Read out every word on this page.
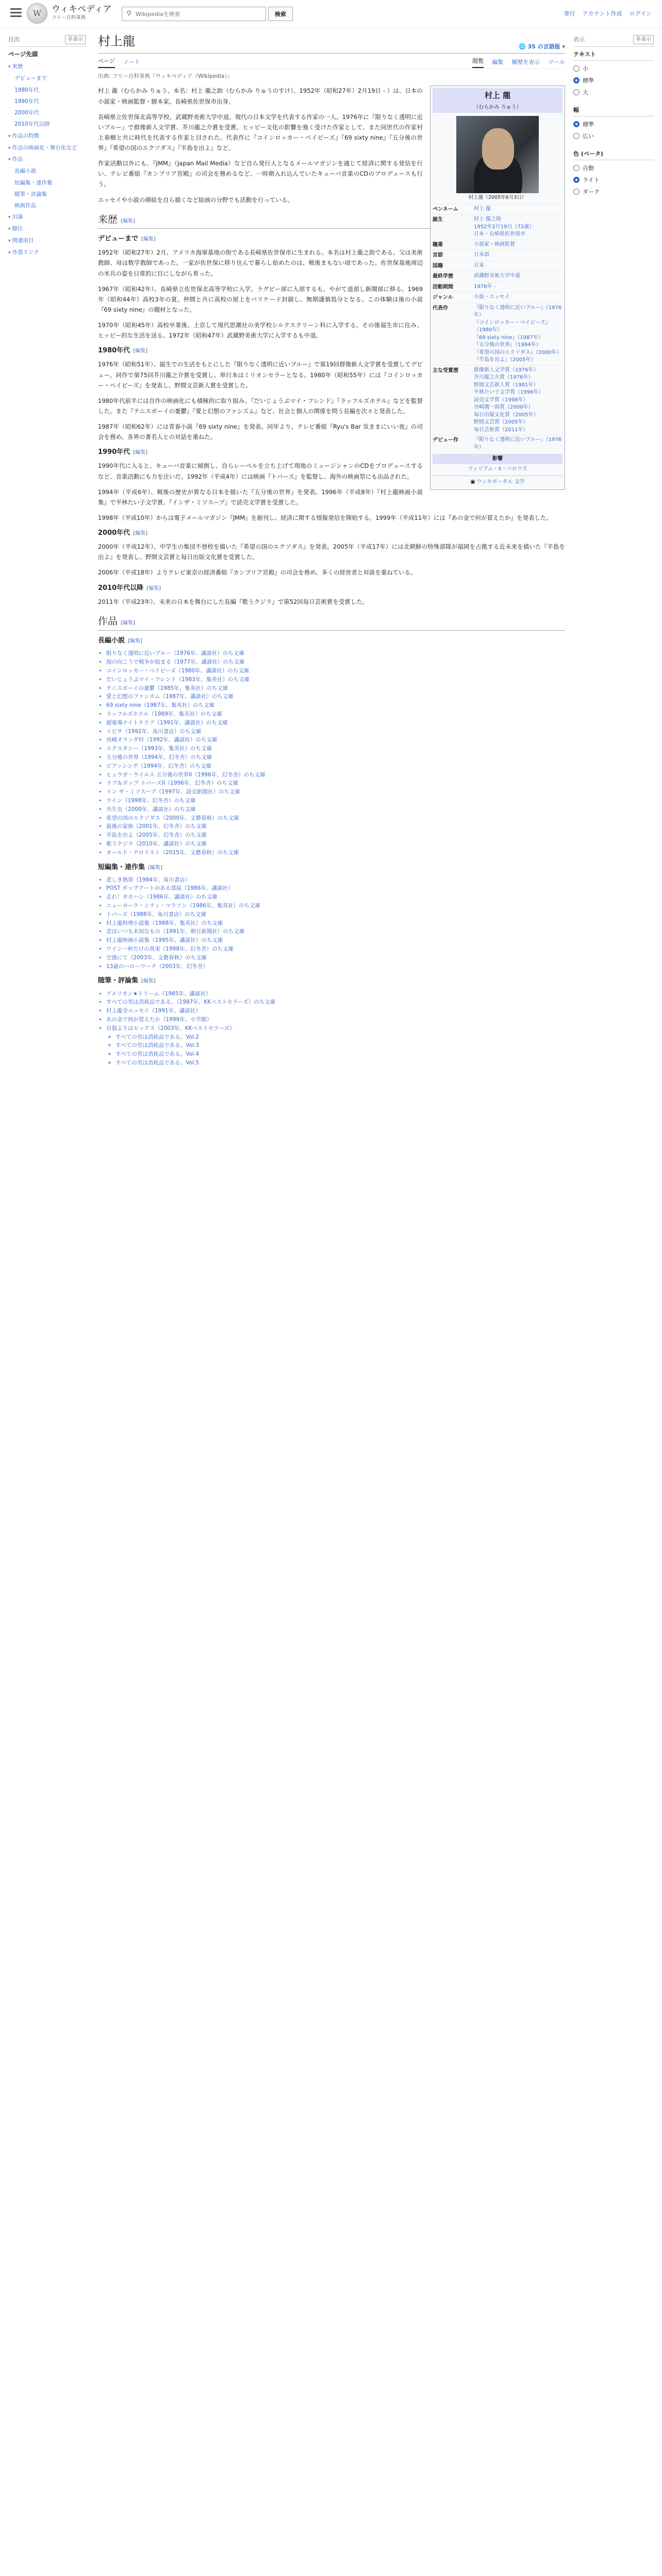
W	ウィキペディア
フリー百科事典
⚲
Wikipediaを検索	検索	寄付 アカウント作成 ログイン
目次	非表示
ページ先頭
▾ 来歴
デビューまで
1980年代
1990年代
2000年代
2010年代以降
▾ 作品の特徴
▾ 作品の映画化・舞台化など
▾ 作品
長編小説
短編集・連作集
随筆・評論集
映画作品
▾ 出演
▾ 脚注
▾ 関連項目
▾ 外部リンク
表示	非表示
テキスト
小
標準
大
幅
標準
広い
色 (ベータ)
自動
ライト
ダーク
村上龍	🌐 35 の言語版 ▾
ページ ノート	閲覧 編集 履歴を表示 ツール
出典: フリー百科事典『ウィキペディア（Wikipedia）』
村上 龍
（むらかみ りゅう）
村上龍（2005年6月3日）
ペンネーム	村上 龍
誕生	村上 龍之助
1952年2月19日（72歳）
日本・長崎県佐世保市
職業	小説家・映画監督
言語	日本語
国籍	日本
最終学歴	武蔵野美術大学中退
活動期間	1976年 -
ジャンル	小説・エッセイ
代表作	『限りなく透明に近いブルー』（1976年）
『コインロッカー・ベイビーズ』（1980年）
『69 sixty nine』（1987年）
『五分後の世界』（1994年）
『希望の国のエクソダス』（2000年）
『半島を出よ』（2005年）
主な受賞歴	群像新人文学賞（1976年）
芥川龍之介賞（1976年）
野間文芸新人賞（1981年）
平林たい子文学賞（1996年）
読売文学賞（1998年）
谷崎潤一郎賞（2000年）
毎日出版文化賞（2005年）
野間文芸賞（2005年）
毎日芸術賞（2011年）
デビュー作	『限りなく透明に近いブルー』（1976年）
影響
ウィリアム・S・バロウズ
▣ ウィキポータル 文学

村上 龍（むらかみ りゅう、本名：村上 龍之助（むらかみ りゅうのすけ）、1952年（昭和27年）2月19日 - ）は、日本の小説家・映画監督・脚本家。長崎県佐世保市出身。

長崎県立佐世保北高等学校、武蔵野美術大学中退。現代の日本文学を代表する作家の一人。1976年に『限りなく透明に近いブルー』で群像新人文学賞、芥川龍之介賞を受賞。ヒッピー文化の影響を強く受けた作家として、また同世代の作家村上春樹と共に時代を代表する作家と目された。代表作に『コインロッカー・ベイビーズ』『69 sixty nine』『五分後の世界』『希望の国のエクソダス』『半島を出よ』など。

作家活動以外にも、『JMM』（Japan Mail Media）など自ら発行人となるメールマガジンを通じて経済に関する発信を行い、テレビ番組『カンブリア宮殿』の司会を務めるなど、一時期入れ込んでいたキューバ音楽のCDのプロデュースも行う。

エッセイや小説の挿絵を自ら描くなど絵画の分野でも活動を行っている。

来歴 [編集]
デビューまで [編集]

1952年（昭和27年）2月、アメリカ海軍基地の街である長崎県佐世保市に生まれる。本名は村上龍之助である。父は美術教師、母は数学教師であった。一家が佐世保に移り住んで暮らし始めたのは、戦後まもない頃であった。佐世保基地周辺の米兵の姿を日常的に目にしながら育った。

1967年（昭和42年）、長崎県立佐世保北高等学校に入学。ラグビー部に入部するも、やがて退部し新聞部に移る。1969年（昭和44年）高校3年の夏、仲間と共に高校の屋上をバリケード封鎖し、無期謹慎処分となる。この体験は後の小説『69 sixty nine』の題材となった。

1970年（昭和45年）高校卒業後、上京して現代思潮社の美学校シルクスクリーン科に入学する。その後福生市に住み、ヒッピー的な生活を送る。1972年（昭和47年）武蔵野美術大学に入学するも中退。

1980年代 [編集]

1976年（昭和51年）、福生での生活をもとにした『限りなく透明に近いブルー』で第19回群像新人文学賞を受賞してデビュー。同作で第75回芥川龍之介賞を受賞し、単行本はミリオンセラーとなる。1980年（昭和55年）には『コインロッカー・ベイビーズ』を発表し、野間文芸新人賞を受賞した。

1980年代前半には自作の映画化にも積極的に取り組み、『だいじょうぶマイ・フレンド』『ラッフルズホテル』などを監督した。また『テニスボーイの憂鬱』『愛と幻想のファシズム』など、社会と個人の関係を問う長編を次々と発表した。

1987年（昭和62年）には青春小説『69 sixty nine』を発表。同年より、テレビ番組『Ryu's Bar 気ままにいい夜』の司会を務め、各界の著名人との対話を重ねた。

1990年代 [編集]

1990年代に入ると、キューバ音楽に傾倒し、自らレーベルを立ち上げて現地のミュージシャンのCDをプロデュースするなど、音楽活動にも力を注いだ。1992年（平成4年）には映画『トパーズ』を監督し、海外の映画祭にも出品された。

1994年（平成6年）、戦後の歴史が異なる日本を描いた『五分後の世界』を発表。1996年（平成8年）『村上龍映画小説集』で平林たい子文学賞、『インザ・ミソスープ』で読売文学賞を受賞した。

1998年（平成10年）からは電子メールマガジン『JMM』を創刊し、経済に関する情報発信を開始する。1999年（平成11年）には『あの金で何が買えたか』を発表した。

2000年代 [編集]

2000年（平成12年）、中学生の集団不登校を描いた『希望の国のエクソダス』を発表。2005年（平成17年）には北朝鮮の特殊部隊が福岡を占拠する近未来を描いた『半島を出よ』を発表し、野間文芸賞と毎日出版文化賞を受賞した。

2006年（平成18年）よりテレビ東京の経済番組『カンブリア宮殿』の司会を務め、多くの経営者と対談を重ねている。

2010年代以降 [編集]

2011年（平成23年）、未来の日本を舞台にした長編『歌うクジラ』で第52回毎日芸術賞を受賞した。

作品 [編集]
長編小説 [編集]
• 限りなく透明に近いブルー（1976年、講談社）のち文庫
• 海の向こうで戦争が始まる（1977年、講談社）のち文庫
• コインロッカー・ベイビーズ（1980年、講談社）のち文庫
• だいじょうぶマイ・フレンド（1983年、集英社）のち文庫
• テニスボーイの憂鬱（1985年、集英社）のち文庫
• 愛と幻想のファシズム（1987年、講談社）のち文庫
• 69 sixty nine（1987年、集英社）のち文庫
• ラッフルズホテル（1989年、集英社）のち文庫
• 超電導ナイトクラブ（1991年、講談社）のち文庫
• イビサ（1992年、角川書店）のち文庫
• 長崎オランダ村（1992年、講談社）のち文庫
• エクスタシー（1993年、集英社）のち文庫
• 五分後の世界（1994年、幻冬舎）のち文庫
• ピアッシング（1994年、幻冬舎）のち文庫
• ヒュウガ・ウイルス 五分後の世界II（1996年、幻冬舎）のち文庫
• ラブ＆ポップ トパーズII（1996年、幻冬舎）のち文庫
• イン ザ・ミソスープ（1997年、読売新聞社）のち文庫
• ライン（1998年、幻冬舎）のち文庫
• 共生虫（2000年、講談社）のち文庫
• 希望の国のエクソダス（2000年、文藝春秋）のち文庫
• 最後の家族（2001年、幻冬舎）のち文庫
• 半島を出よ（2005年、幻冬舎）のち文庫
• 歌うクジラ（2010年、講談社）のち文庫
• オールド・テロリスト（2015年、文藝春秋）のち文庫
短編集・連作集 [編集]
• 悲しき熱帯（1984年、角川書店）
• POST ポップアートのある部屋（1986年、講談社）
• 走れ！タカハシ（1986年、講談社）のち文庫
• ニューヨーク・シティ・マラソン（1986年、集英社）のち文庫
• トパーズ（1988年、角川書店）のち文庫
• 村上龍料理小説集（1988年、集英社）のち文庫
• 恋はいつも未知なもの（1991年、朝日新聞社）のち文庫
• 村上龍映画小説集（1995年、講談社）のち文庫
• ワイン一杯だけの真実（1998年、幻冬舎）のち文庫
• 空港にて（2003年、文藝春秋）のち文庫
• 13歳のハローワーク（2003年、幻冬舎）
随筆・評論集 [編集]
• アメリカン★ドリーム（1985年、講談社）
• すべての男は消耗品である。（1987年、KKベストセラーズ）のち文庫
• 村上龍全エッセイ（1991年、講談社）
• あの金で何が買えたか（1999年、小学館）
• 自殺よりはセックス（2003年、KKベストセラーズ）
◦ すべての男は消耗品である。Vol.2
◦ すべての男は消耗品である。Vol.3
◦ すべての男は消耗品である。Vol.4
◦ すべての男は消耗品である。Vol.5
